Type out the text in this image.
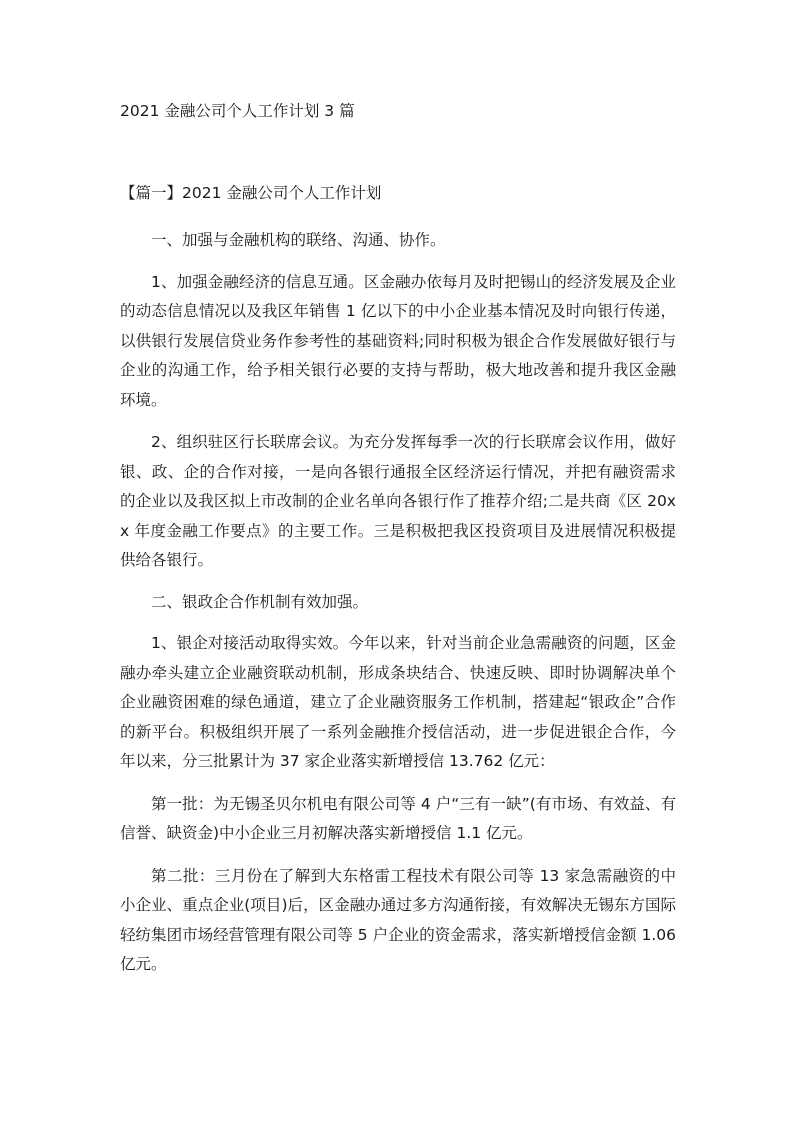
2021 金融公司个人工作计划 3 篇
【篇一】2021 金融公司个人工作计划

一、加强与金融机构的联络、沟通、协作。

1、加强金融经济的信息互通。区金融办依每月及时把锡山的经济发展及企业的动态信息情况以及我区年销售 1 亿以下的中小企业基本情况及时向银行传递，以供银行发展信贷业务作参考性的基础资料;同时积极为银企合作发展做好银行与企业的沟通工作，给予相关银行必要的支持与帮助，极大地改善和提升我区金融环境。

2、组织驻区行长联席会议。为充分发挥每季一次的行长联席会议作用，做好银、政、企的合作对接，一是向各银行通报全区经济运行情况，并把有融资需求的企业以及我区拟上市改制的企业名单向各银行作了推荐介绍;二是共商《区 20xx 年度金融工作要点》的主要工作。三是积极把我区投资项目及进展情况积极提供给各银行。

二、银政企合作机制有效加强。

1、银企对接活动取得实效。今年以来，针对当前企业急需融资的问题，区金融办牵头建立企业融资联动机制，形成条块结合、快速反映、即时协调解决单个企业融资困难的绿色通道，建立了企业融资服务工作机制，搭建起“银政企”合作的新平台。积极组织开展了一系列金融推介授信活动，进一步促进银企合作，今年以来，分三批累计为 37 家企业落实新增授信 13.762 亿元：

第一批：为无锡圣贝尔机电有限公司等 4 户“三有一缺”(有市场、有效益、有信誉、缺资金)中小企业三月初解决落实新增授信 1.1 亿元。

第二批：三月份在了解到大东格雷工程技术有限公司等 13 家急需融资的中小企业、重点企业(项目)后，区金融办通过多方沟通衔接，有效解决无锡东方国际轻纺集团市场经营管理有限公司等 5 户企业的资金需求，落实新增授信金额 1.06 亿元。
